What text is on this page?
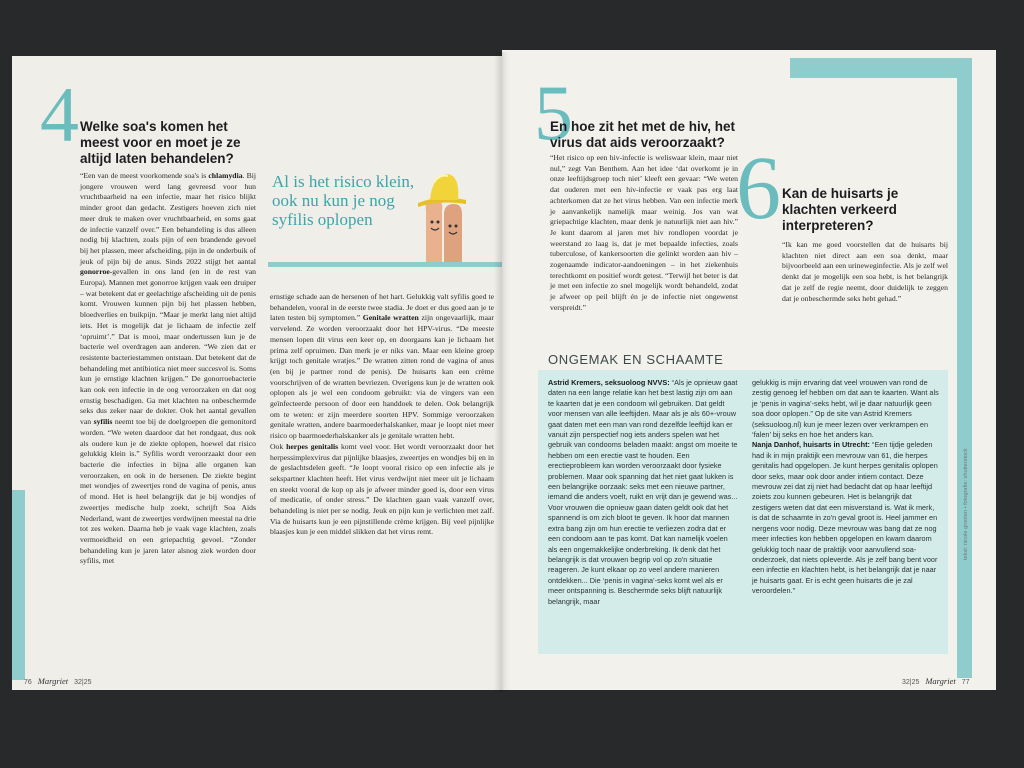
4 Welke soa's komen het meest voor en moet je ze altijd laten behandelen?
Al is het risico klein, ook nu kun je nog syfilis oplopen
“Een van de meest voorkomende soa's is chlamydia. Bij jongere vrouwen werd lang gevreesd voor hun vruchtbaarheid na een infectie, maar het risico blijkt minder groot dan gedacht. Zestigers hoeven zich niet meer druk te maken over vruchtbaarheid, en soms gaat de infectie vanzelf over.” Een behandeling is dus alleen nodig bij klachten, zoals pijn of een brandende gevoel bij het plassen, meer afscheiding, pijn in de onderbuik of jeuk of pijn bij de anus. Sinds 2022 stijgt het aantal gonorroe-gevallen in ons land (en in de rest van Europa). Mannen met gonorroe krijgen vaak een druiper – wat betekent dat er geelachtige afscheiding uit de penis komt. Vrouwen kunnen pijn bij het plassen hebben, bloedverlies en buikpijn. “Maar je merkt lang niet altijd iets. Het is mogelijk dat je lichaam de infectie zelf ‘opruimt’.” Dat is mooi, maar ondertussen kun je de bacterie wel overdragen aan anderen. “We zien dat er resistente bacteriestammen ontstaan. Dat betekent dat de behandeling met antibiotica niet meer succesvol is. Soms kun je ernstige klachten krijgen.” De gonorroebacterie kan ook een infectie in de oog veroorzaken en dat oog ernstig beschadigen. Ga met klachten na onbeschermde seks dus zeker naar de dokter. Ook het aantal gevallen van syfilis neemt toe bij de doelgroepen die gemonitord worden. “We weten daardoor dat het rondgaat, dus ook als oudere kun je de ziekte oplopen, hoewel dat risico gelukkig klein is.” Syfilis wordt veroorzaakt door een bacterie die infecties in bijna alle organen kan veroorzaken, en ook in de hersenen. De ziekte begint met wondjes of zweertjes rond de vagina of penis, anus of mond. Het is heel belangrijk dat je bij wondjes of zweertjes medische hulp zoekt, schrijft Soa Aids Nederland, want de zweertjes verdwijnen meestal na drie tot zes weken. Daarna heb je vaak vage klachten, zoals vermoeidheid en een griepachtig gevoel. “Zonder behandeling kun je jaren later alsnog ziek worden door syfilis, met
ernstige schade aan de hersenen of het hart. Gelukkig valt syfilis goed te behandelen, vooral in de eerste twee stadia. Je doet er dus goed aan je te laten testen bij symptomen.” Genitale wratten zijn ongevaarlijk, maar vervelend. Ze worden veroorzaakt door het HPV-virus. “De meeste mensen lopen dit virus een keer op, en doorgaans kan je lichaam het prima zelf opruimen. Dan merk je er niks van. Maar een kleine groep krijgt toch genitale wratjes.” De wratten zitten rond de vagina of anus (en bij je partner rond de penis). De huisarts kan een crème voorschrijven of de wratten bevriezen. Overigens kun je de wratten ook oplopen als je wel een condoom gebruikt: via de vingers van een geïnfecteerde persoon of door een handdoek te delen. Ook belangrijk om te weten: er zijn meerdere soorten HPV. Sommige veroorzaken genitale wratten, andere baarmoederhalskanker, maar je loopt niet meer risico op baarmoederhalskanker als je genitale wratten hebt.
Ook herpes genitalis komt veel voor. Het wordt veroorzaakt door het herpessimplexvirus dat pijnlijke blaasjes, zweertjes en wondjes bij en in de geslachtsdelen geeft. “Je loopt vooral risico op een infectie als je sekspartner klachten heeft. Het virus verdwijnt niet meer uit je lichaam en steekt vooral de kop op als je afweer minder goed is, door een virus of medicatie, of onder stress.” De klachten gaan vaak vanzelf over, behandeling is niet per se nodig. Jeuk en pijn kun je verlichten met zalf. Via de huisarts kun je een pijnstillende crème krijgen. Bij veel pijnlijke blaasjes kun je een middel slikken dat het virus remt.
76 Margriet 32|25
5
En hoe zit het met de hiv, het virus dat aids veroorzaakt?
“Het risico op een hiv-infectie is weliswaar klein, maar niet nul,” zegt Van Benthem. Aan het idee ‘dat overkomt je in onze leeftijdsgroep toch niet’ kleeft een gevaar: “We weten dat ouderen met een hiv-infectie er vaak pas erg laat achterkomen dat ze het virus hebben. Van een infectie merk je aanvankelijk namelijk maar weinig. Jos van wat griepachtige klachten, maar denk je natuurlijk niet aan hiv.” Je kunt daarom al jaren met hiv rondlopen voordat je weerstand zo laag is, dat je met bepaalde infecties, zoals tuberculose, of kankersoorten die gelinkt worden aan hiv – zogenaamde indicator-aandoeningen – in het ziekenhuis terechtkomt en positief wordt getest. “Terwijl het beter is dat je met een infectie zo snel mogelijk wordt behandeld, zodat je afweer op peil blijft én je de infectie niet ongewenst verspreidt.”
6 Kan de huisarts je klachten verkeerd interpreteren?
“Ik kan me goed voorstellen dat de huisarts bij klachten niet direct aan een soa denkt, maar bijvoorbeeld aan een urineweginfectie. Als je zelf wel denkt dat je mogelijk een soa hebt, is het belangrijk dat je zelf de regie neemt, door duidelijk te zeggen dat je onbeschermde seks hebt gehad.”
ONGEMAK EN SCHAAMTE
Astrid Kremers, seksuoloog NVVS: “Als je opnieuw gaat daten na een lange relatie kan het best lastig zijn om aan te kaarten dat je een condoom wil gebruiken. Dat geldt voor mensen van alle leeftijden. Maar als je als 60+-vrouw gaat daten met een man van rond dezelfde leeftijd kan er vanuit zijn perspectief nog iets anders spelen wat het gebruik van condooms beladen maakt: angst om moeite te hebben om een erectie vast te houden. Een erectieprobleem kan worden veroorzaakt door fysieke problemen. Maar ook spanning dat het niet gaat lukken is een belangrijke oorzaak: seks met een nieuwe partner, iemand die anders voelt, ruikt en vrijt dan je gewend was... Voor vrouwen die opnieuw gaan daten geldt ook dat het spannend is om zich bloot te geven. Ik hoor dat mannen extra bang zijn om hun erectie te verliezen zodra dat er een condoom aan te pas komt. Dat kan namelijk voelen als een ongemakkelijke onderbreking. Ik denk dat het belangrijk is dat vrouwen begrip vol op zo'n situatie reageren. Je kunt elkaar op zo veel andere manieren ontdekken... Die ‘penis in vagina’-seks komt wel als er meer ontspanning is. Beschermde seks blijft natuurlijk belangrijk, maar
gelukkig is mijn ervaring dat veel vrouwen van rond de zestig genoeg lef hebben om dat aan te kaarten. Want als je ‘penis in vagina’-seks hebt, wil je daar natuurlijk geen soa door oplopen.” Op de site van Astrid Kremers (seksuoloog.nl) kun je meer lezen over verkrampen en ‘falen’ bij seks en hoe het anders kan.
Nanja Danhof, huisarts in Utrecht: “Een tijdje geleden had ik in mijn praktijk een mevrouw van 61, die herpes genitalis had opgelopen. Je kunt herpes genitalis oplopen door seks, maar ook door ander intiem contact. Deze mevrouw zei dat zij niet had bedacht dat op haar leeftijd zoiets zou kunnen gebeuren. Het is belangrijk dat zestigers weten dat dat een misverstand is. Wat ik merk, is dat de schaamte in zo'n geval groot is. Heel jammer en nergens voor nodig. Deze mevrouw was bang dat ze nog meer infecties kon hebben opgelopen en kwam daarom gelukkig toch naar de praktijk voor aanvullend soa-onderzoek, dat niets opleverde. Als je zelf bang bent voor een infectie en klachten hebt, is het belangrijk dat je naar je huisarts gaat. Er is echt geen huisarts die je zal veroordelen.”
tekst: nicole grooten • fotografie: shutterstock
32|25 Margriet 77
